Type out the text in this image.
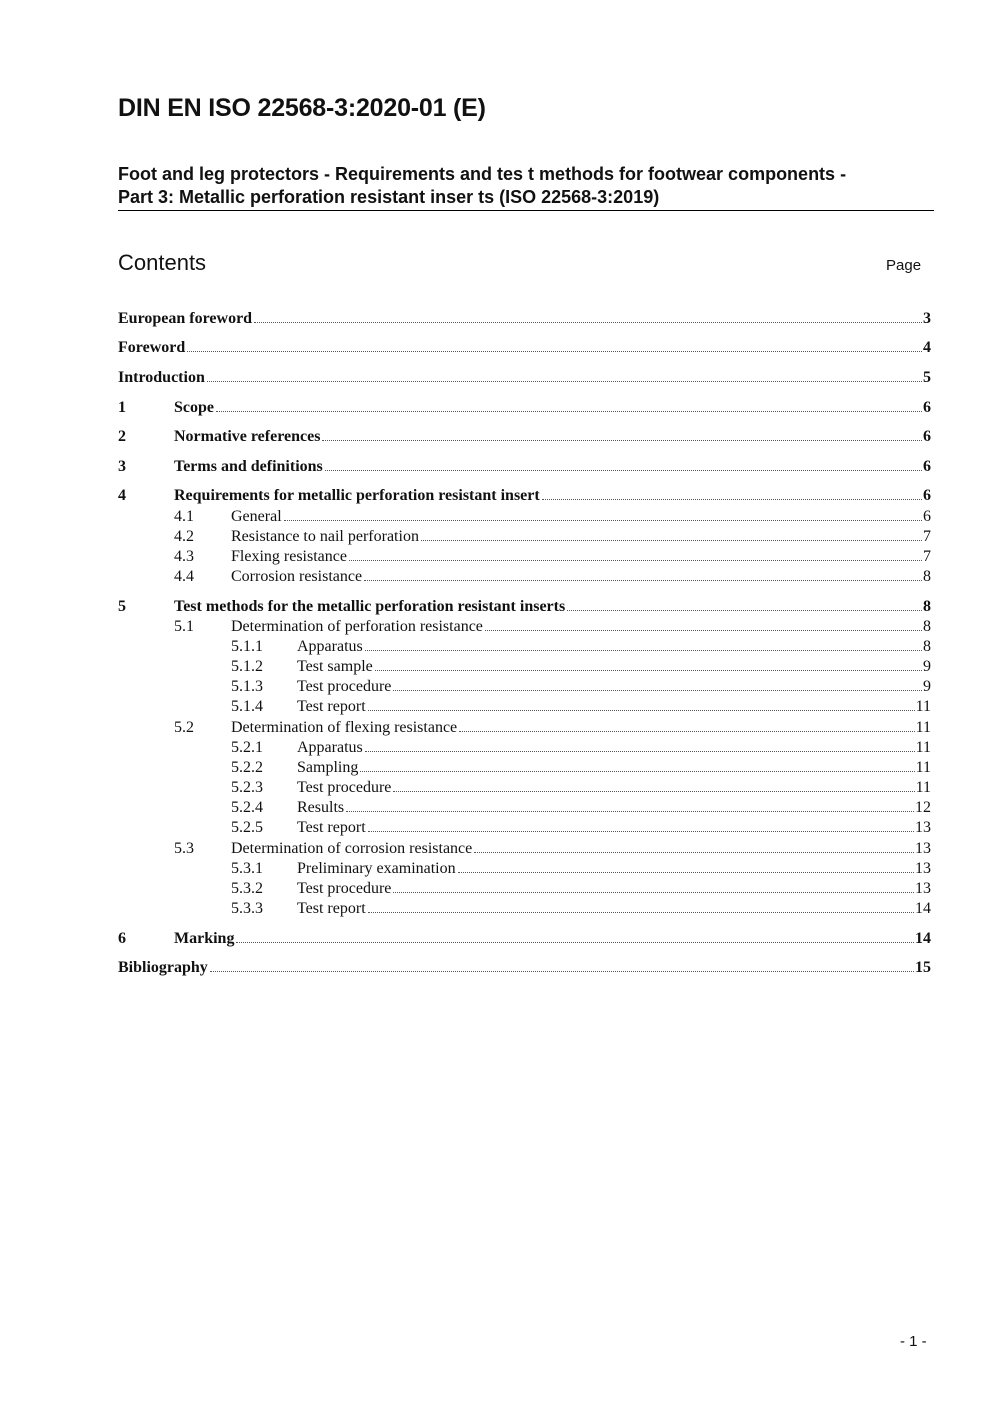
DIN EN ISO 22568-3:2020-01 (E)
Foot and leg protectors - Requirements and tes t methods for footwear components -
Part 3: Metallic perforation resistant inser ts (ISO 22568-3:2019)
Contents	Page
European foreword	3
Foreword	4
Introduction	5
1	Scope	6
2	Normative references	6
3	Terms and definitions	6
4	Requirements for metallic perforation resistant insert	6
4.1	General	6
4.2	Resistance to nail perforation	7
4.3	Flexing resistance	7
4.4	Corrosion resistance	8
5	Test methods for the metallic perforation resistant inserts	8
5.1	Determination of perforation resistance	8
5.1.1	Apparatus	8
5.1.2	Test sample	9
5.1.3	Test procedure	9
5.1.4	Test report	11
5.2	Determination of flexing resistance	11
5.2.1	Apparatus	11
5.2.2	Sampling	11
5.2.3	Test procedure	11
5.2.4	Results	12
5.2.5	Test report	13
5.3	Determination of corrosion resistance	13
5.3.1	Preliminary examination	13
5.3.2	Test procedure	13
5.3.3	Test report	14
6	Marking	14
Bibliography	15
- 1 -
